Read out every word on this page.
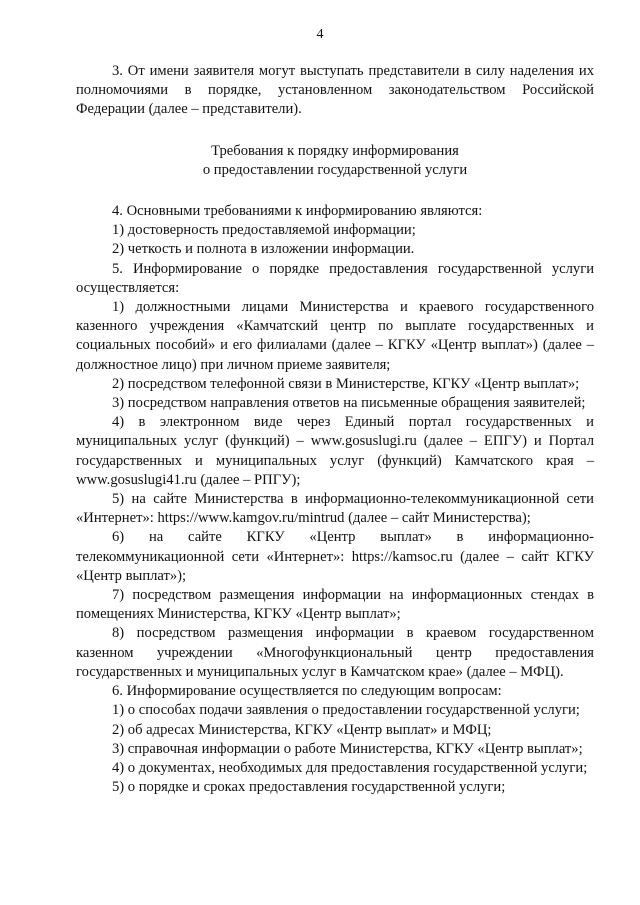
4

3. От имени заявителя могут выступать представители в силу наделения их полномочиями в порядке, установленном законодательством Российской Федерации (далее – представители).

Требования к порядку информирования
о предоставлении государственной услуги

4. Основными требованиями к информированию являются:

1) достоверность предоставляемой информации;

2) четкость и полнота в изложении информации.

5. Информирование о порядке предоставления государственной услуги осуществляется:

1) должностными лицами Министерства и краевого государственного казенного учреждения «Камчатский центр по выплате государственных и социальных пособий» и его филиалами (далее – КГКУ «Центр выплат») (далее – должностное лицо) при личном приеме заявителя;

2) посредством телефонной связи в Министерстве, КГКУ «Центр выплат»;

3) посредством направления ответов на письменные обращения заявителей;

4) в электронном виде через Единый портал государственных и муниципальных услуг (функций) – www.gosuslugi.ru (далее – ЕПГУ) и Портал государственных и муниципальных услуг (функций) Камчатского края – www.gosuslugi41.ru (далее – РПГУ);

5) на сайте Министерства в информационно-телекоммуникационной сети «Интернет»: https://www.kamgov.ru/mintrud (далее – сайт Министерства);

6) на сайте КГКУ «Центр выплат» в информационно-телекоммуникационной сети «Интернет»: https://kamsoc.ru (далее – сайт КГКУ «Центр выплат»);

7) посредством размещения информации на информационных стендах в помещениях Министерства, КГКУ «Центр выплат»;

8) посредством размещения информации в краевом государственном казенном учреждении «Многофункциональный центр предоставления государственных и муниципальных услуг в Камчатском крае» (далее – МФЦ).

6. Информирование осуществляется по следующим вопросам:

1) о способах подачи заявления о предоставлении государственной услуги;

2) об адресах Министерства, КГКУ «Центр выплат» и МФЦ;

3) справочная информации о работе Министерства, КГКУ «Центр выплат»;

4) о документах, необходимых для предоставления государственной услуги;

5) о порядке и сроках предоставления государственной услуги;
